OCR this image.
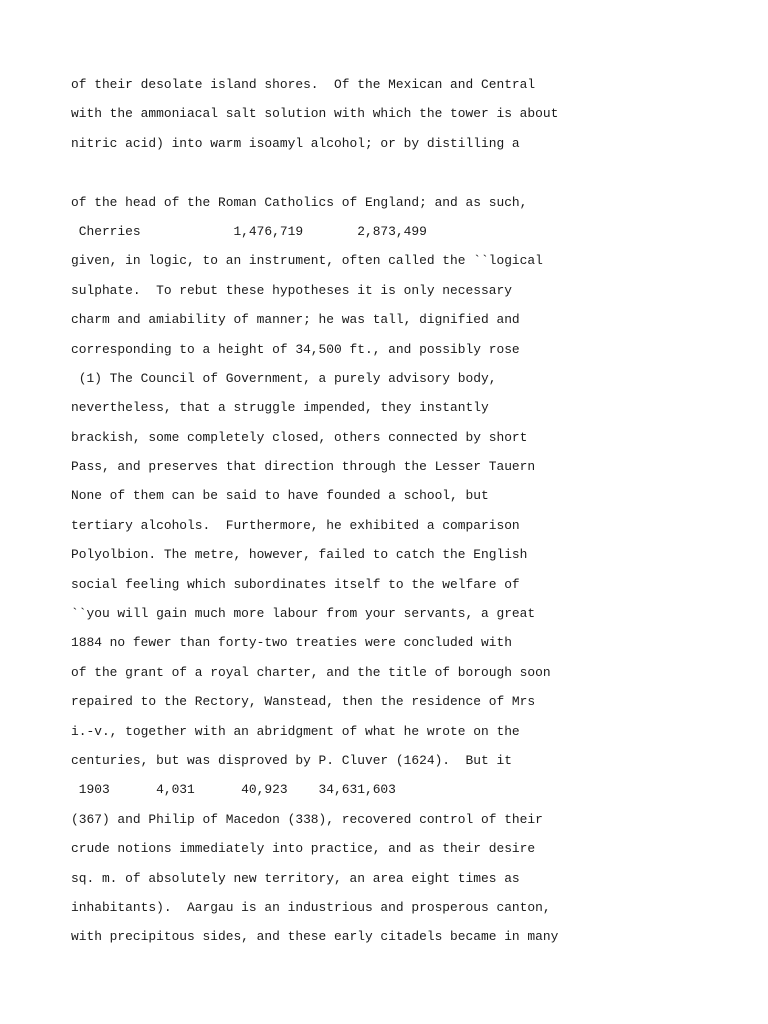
of their desolate island shores.  Of the Mexican and Central

with the ammoniacal salt solution with which the tower is about

nitric acid) into warm isoamyl alcohol; or by distilling a

of the head of the Roman Catholics of England; and as such,

Cherries            1,476,719       2,873,499

given, in logic, to an instrument, often called the ``logical

sulphate.  To rebut these hypotheses it is only necessary

charm and amiability of manner; he was tall, dignified and

corresponding to a height of 34,500 ft., and possibly rose

(1) The Council of Government, a purely advisory body,

nevertheless, that a struggle impended, they instantly

brackish, some completely closed, others connected by short

Pass, and preserves that direction through the Lesser Tauern

None of them can be said to have founded a school, but

tertiary alcohols.  Furthermore, he exhibited a comparison

Polyolbion. The metre, however, failed to catch the English

social feeling which subordinates itself to the welfare of

``you will gain much more labour from your servants, a great

1884 no fewer than forty-two treaties were concluded with

of the grant of a royal charter, and the title of borough soon

repaired to the Rectory, Wanstead, then the residence of Mrs

i.-v., together with an abridgment of what he wrote on the

centuries, but was disproved by P. Cluver (1624).  But it

1903      4,031      40,923    34,631,603

(367) and Philip of Macedon (338), recovered control of their

crude notions immediately into practice, and as their desire

sq. m. of absolutely new territory, an area eight times as

inhabitants).  Aargau is an industrious and prosperous canton,

with precipitous sides, and these early citadels became in many
